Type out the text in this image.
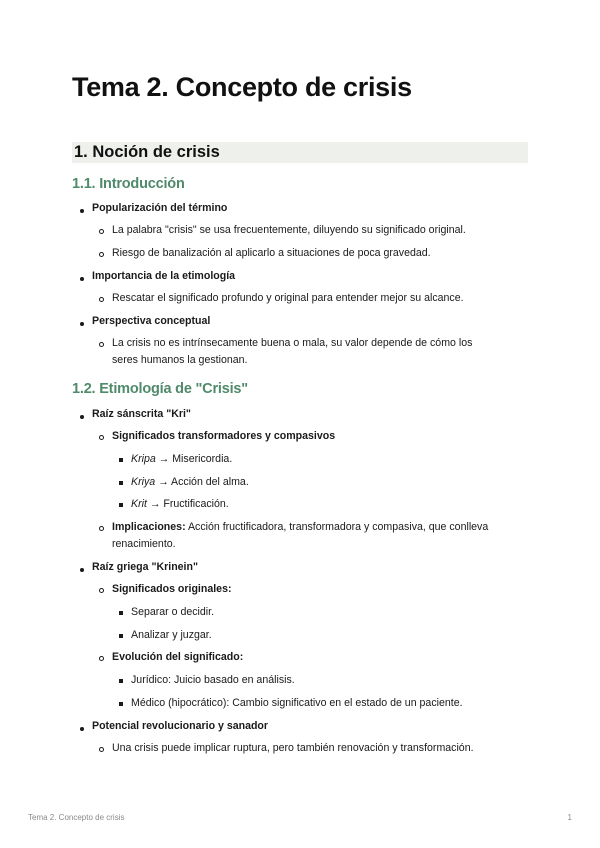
Tema 2. Concepto de crisis
1. Noción de crisis
1.1. Introducción
Popularización del término
La palabra "crisis" se usa frecuentemente, diluyendo su significado original.
Riesgo de banalización al aplicarlo a situaciones de poca gravedad.
Importancia de la etimología
Rescatar el significado profundo y original para entender mejor su alcance.
Perspectiva conceptual
La crisis no es intrínsecamente buena o mala, su valor depende de cómo los
seres humanos la gestionan.
1.2. Etimología de "Crisis"
Raíz sánscrita "Kri"
Significados transformadores y compasivos
Kripa → Misericordia.
Kriya → Acción del alma.
Krit → Fructificación.
Implicaciones: Acción fructificadora, transformadora y compasiva, que conlleva
renacimiento.
Raíz griega "Krinein"
Significados originales:
Separar o decidir.
Analizar y juzgar.
Evolución del significado:
Jurídico: Juicio basado en análisis.
Médico (hipocrático): Cambio significativo en el estado de un paciente.
Potencial revolucionario y sanador
Una crisis puede implicar ruptura, pero también renovación y transformación.
Tema 2. Concepto de crisis	1
